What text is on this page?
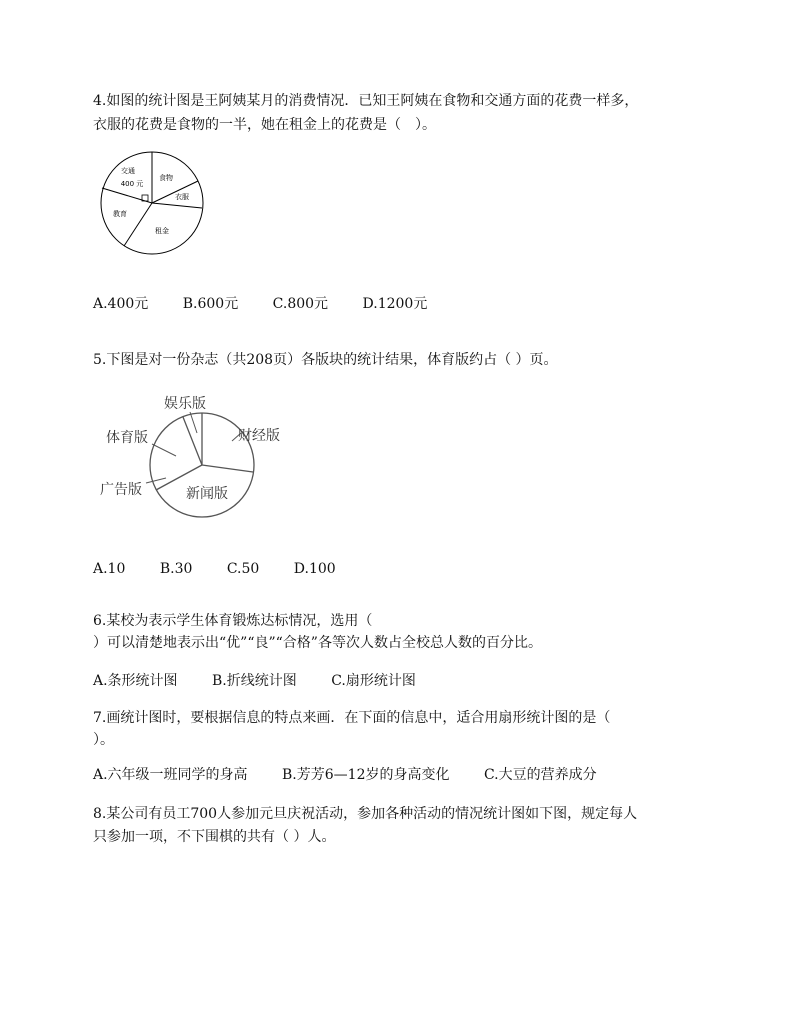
4.如图的统计图是王阿姨某月的消费情况．已知王阿姨在食物和交通方面的花费一样多，
衣服的花费是食物的一半，她在租金上的花费是（　）。
交通
400 元
食物
衣服
租金
教育
A.400元 B.600元 C.800元 D.1200元
5.下图是对一份杂志（共208页）各版块的统计结果，体育版约占（ ）页。
娱乐版
财经版
体育版
广告版	新闻版
A.10 B.30 C.50 D.100
6.某校为表示学生体育锻炼达标情况，选用（
）可以清楚地表示出“优”“良”“合格”各等次人数占全校总人数的百分比。
A.条形统计图 B.折线统计图 C.扇形统计图
7.画统计图时，要根据信息的特点来画．在下面的信息中，适合用扇形统计图的是（
）。
A.六年级一班同学的身高 B.芳芳6—12岁的身高变化 C.大豆的营养成分
8.某公司有员工700人参加元旦庆祝活动，参加各种活动的情况统计图如下图，规定每人
只参加一项，不下围棋的共有（ ）人。
